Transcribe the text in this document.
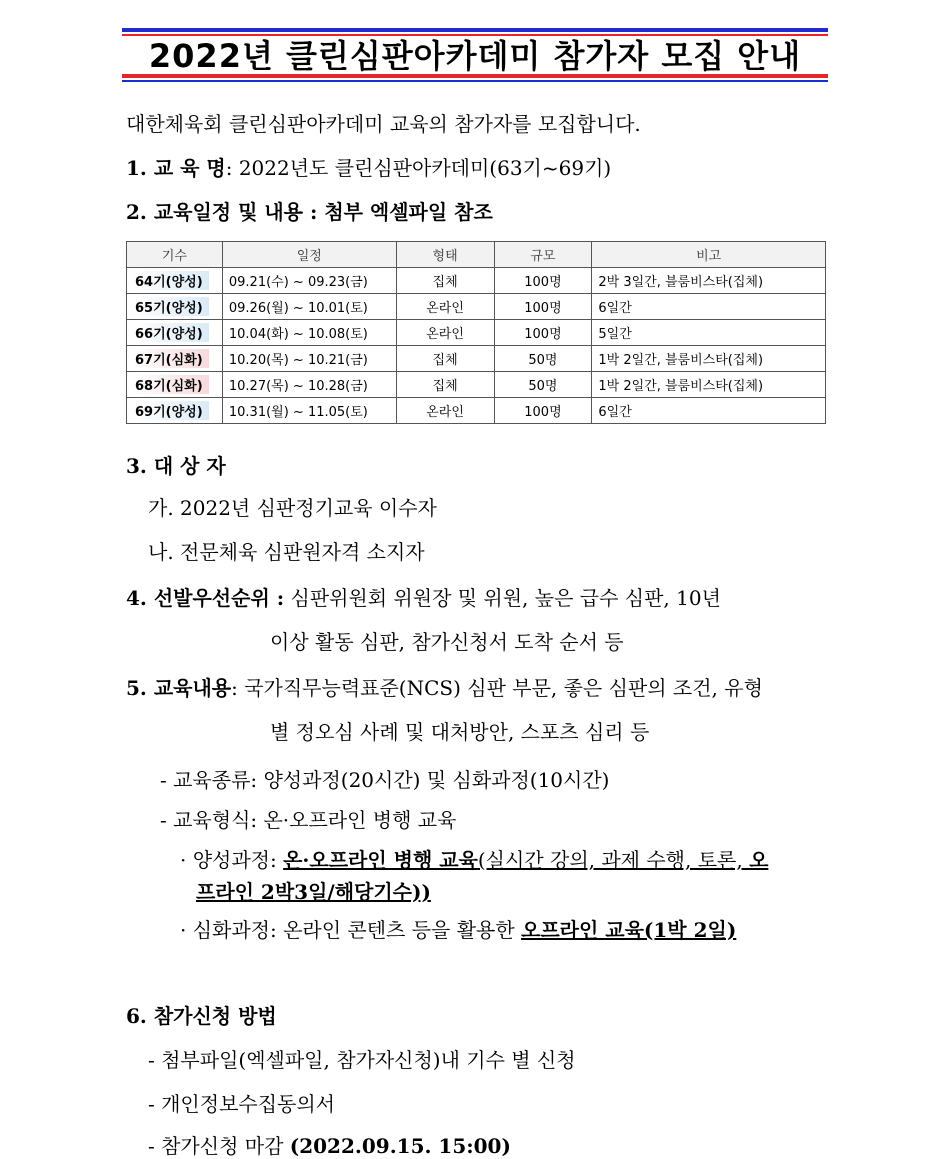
2022년 클린심판아카데미 참가자 모집 안내
대한체육회 클린심판아카데미 교육의 참가자를 모집합니다.
1. 교 육 명: 2022년도 클린심판아카데미(63기~69기)
2. 교육일정 및 내용 : 첨부 엑셀파일 참조
기수	일정	형태	규모	비고
64기(양성)	09.21(수) ~ 09.23(금)	집체	100명	2박 3일간, 블룸비스타(집체)
65기(양성)	09.26(월) ~ 10.01(토)	온라인	100명	6일간
66기(양성)	10.04(화) ~ 10.08(토)	온라인	100명	5일간
67기(심화)	10.20(목) ~ 10.21(금)	집체	50명	1박 2일간, 블룸비스타(집체)
68기(심화)	10.27(목) ~ 10.28(금)	집체	50명	1박 2일간, 블룸비스타(집체)
69기(양성)	10.31(월) ~ 11.05(토)	온라인	100명	6일간
3. 대 상 자
가. 2022년 심판정기교육 이수자
나. 전문체육 심판원자격 소지자
4. 선발우선순위 : 심판위원회 위원장 및 위원, 높은 급수 심판, 10년
이상 활동 심판, 참가신청서 도착 순서 등
5. 교육내용: 국가직무능력표준(NCS) 심판 부문, 좋은 심판의 조건, 유형
별 정오심 사례 및 대처방안, 스포츠 심리 등
- 교육종류: 양성과정(20시간) 및 심화과정(10시간)
- 교육형식: 온·오프라인 병행 교육
· 양성과정: 온·오프라인 병행 교육(실시간 강의, 과제 수행, 토론, 오
프라인 2박3일/해당기수))
· 심화과정: 온라인 콘텐츠 등을 활용한 오프라인 교육(1박 2일)
6. 참가신청 방법
- 첨부파일(엑셀파일, 참가자신청)내 기수 별 신청
- 개인정보수집동의서
- 참가신청 마감 (2022.09.15. 15:00)
